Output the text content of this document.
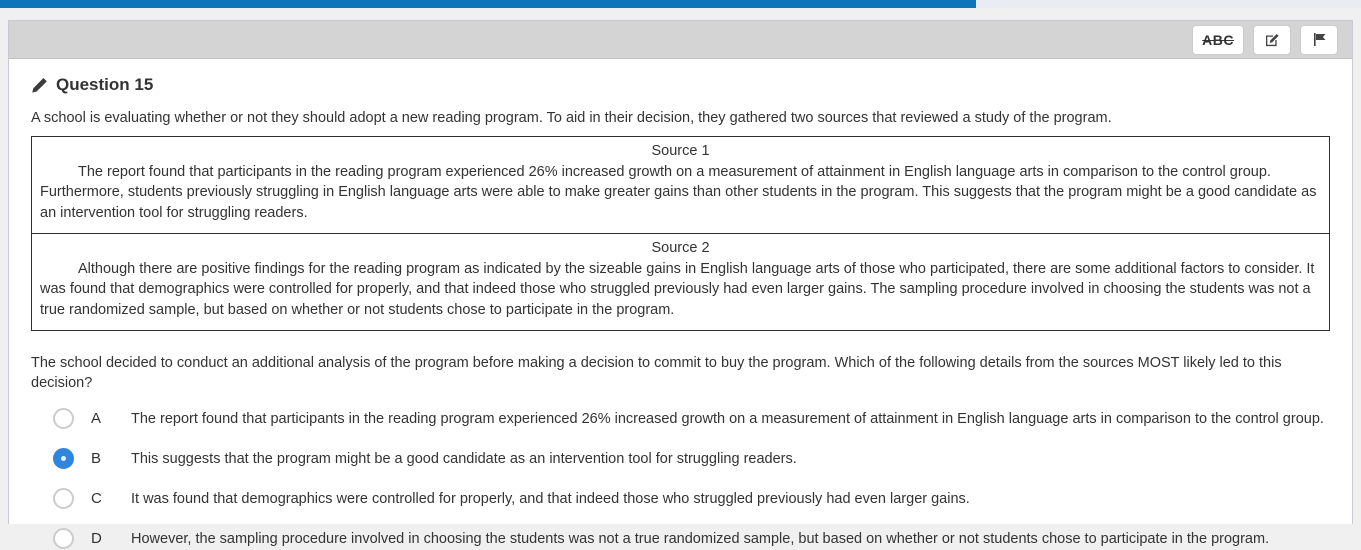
ABC
Question 15

A school is evaluating whether or not they should adopt a new reading program. To aid in their decision, they gathered two sources that reviewed a study of the program.

Source 1
The report found that participants in the reading program experienced 26% increased growth on a measurement of attainment in English language arts in comparison to the control group. Furthermore, students previously struggling in English language arts were able to make greater gains than other students in the program. This suggests that the program might be a good candidate as an intervention tool for struggling readers.
Source 2
Although there are positive findings for the reading program as indicated by the sizeable gains in English language arts of those who participated, there are some additional factors to consider. It was found that demographics were controlled for properly, and that indeed those who struggled previously had even larger gains. The sampling procedure involved in choosing the students was not a true randomized sample, but based on whether or not students chose to participate in the program.

The school decided to conduct an additional analysis of the program before making a decision to commit to buy the program. Which of the following details from the sources MOST likely led to this decision?

A	The report found that participants in the reading program experienced 26% increased growth on a measurement of attainment in English language arts in comparison to the control group.
B	This suggests that the program might be a good candidate as an intervention tool for struggling readers.
C	It was found that demographics were controlled for properly, and that indeed those who struggled previously had even larger gains.
D	However, the sampling procedure involved in choosing the students was not a true randomized sample, but based on whether or not students chose to participate in the program.
